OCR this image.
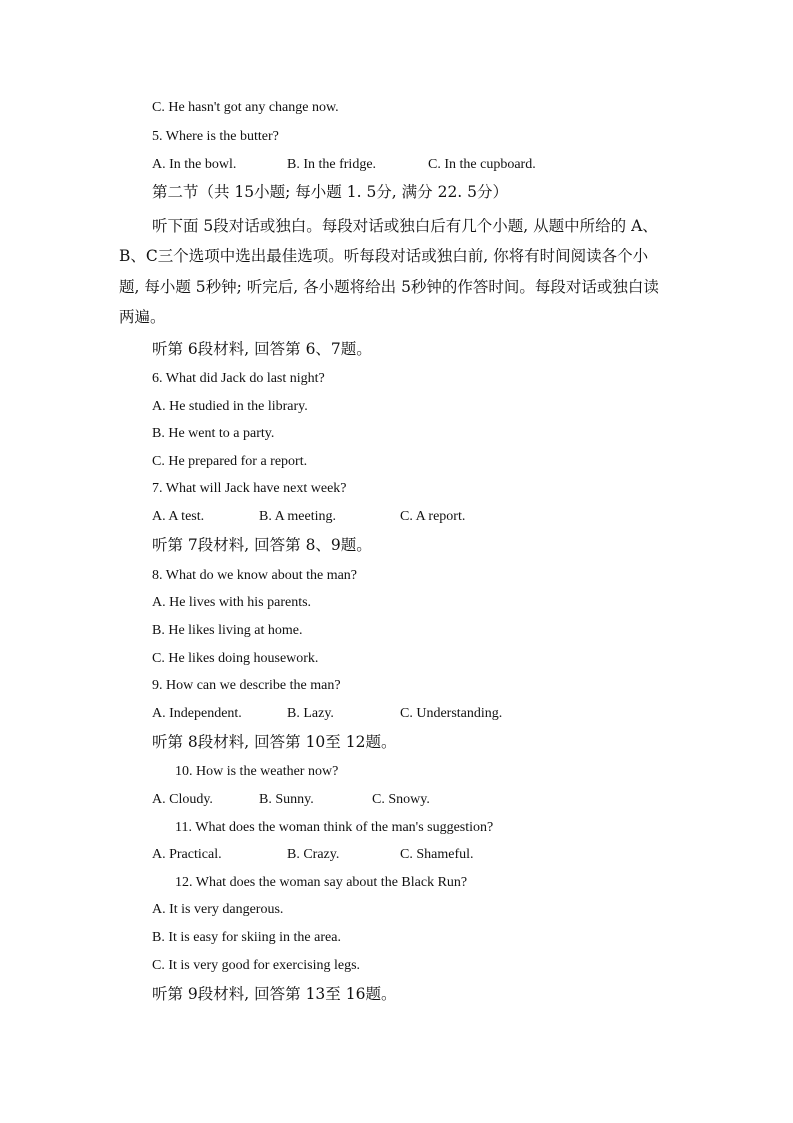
C. He hasn't got any change now.
5. Where is the butter?
A. In the bowl.	B. In the fridge.	C. In the cupboard.
第二节（共 15小题; 每小题 1. 5分, 满分 22. 5分）
听下面 5段对话或独白。每段对话或独白后有几个小题, 从题中所给的 A、
B、C三个选项中选出最佳选项。听每段对话或独白前, 你将有时间阅读各个小
题, 每小题 5秒钟; 听完后, 各小题将给出 5秒钟的作答时间。每段对话或独白读
两遍。
听第 6段材料, 回答第 6、7题。
6. What did Jack do last night?
A. He studied in the library.
B. He went to a party.
C. He prepared for a report.
7. What will Jack have next week?
A. A test.	B. A meeting.	C. A report.
听第 7段材料, 回答第 8、9题。
8. What do we know about the man?
A. He lives with his parents.
B. He likes living at home.
C. He likes doing housework.
9. How can we describe the man?
A. Independent.	B. Lazy.	C. Understanding.
听第 8段材料, 回答第 10至 12题。
10. How is the weather now?
A. Cloudy.	B. Sunny.	C. Snowy.
11. What does the woman think of the man's suggestion?
A. Practical.	B. Crazy.	C. Shameful.
12. What does the woman say about the Black Run?
A. It is very dangerous.
B. It is easy for skiing in the area.
C. It is very good for exercising legs.
听第 9段材料, 回答第 13至 16题。
